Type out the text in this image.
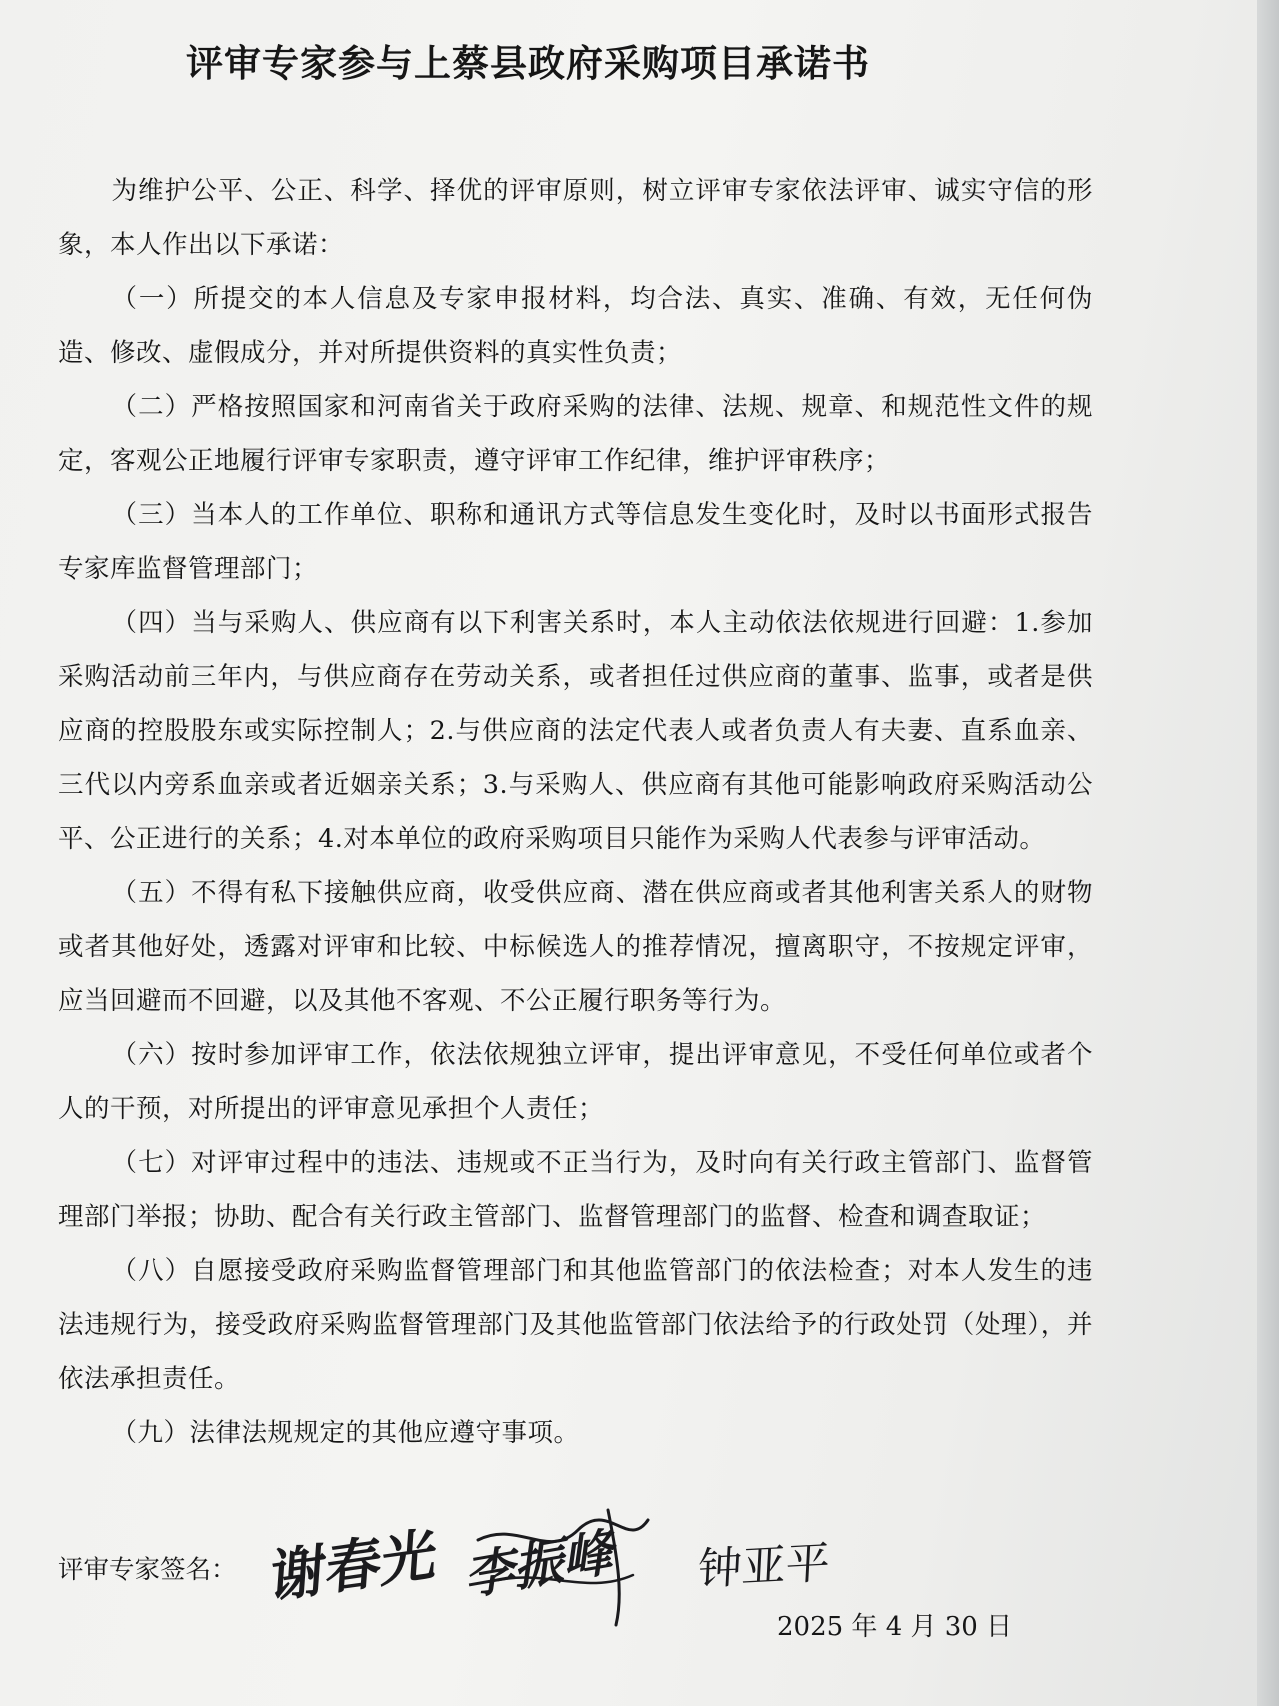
评审专家参与上蔡县政府采购项目承诺书

为维护公平、公正、科学、择优的评审原则，树立评审专家依法评审、诚实守信的形象，本人作出以下承诺：

（一）所提交的本人信息及专家申报材料，均合法、真实、准确、有效，无任何伪造、修改、虚假成分，并对所提供资料的真实性负责；

（二）严格按照国家和河南省关于政府采购的法律、法规、规章、和规范性文件的规定，客观公正地履行评审专家职责，遵守评审工作纪律，维护评审秩序；

（三）当本人的工作单位、职称和通讯方式等信息发生变化时，及时以书面形式报告专家库监督管理部门；

（四）当与采购人、供应商有以下利害关系时，本人主动依法依规进行回避：1.参加采购活动前三年内，与供应商存在劳动关系，或者担任过供应商的董事、监事，或者是供应商的控股股东或实际控制人；2.与供应商的法定代表人或者负责人有夫妻、直系血亲、三代以内旁系血亲或者近姻亲关系；3.与采购人、供应商有其他可能影响政府采购活动公平、公正进行的关系；4.对本单位的政府采购项目只能作为采购人代表参与评审活动。

（五）不得有私下接触供应商，收受供应商、潜在供应商或者其他利害关系人的财物或者其他好处，透露对评审和比较、中标候选人的推荐情况，擅离职守，不按规定评审，应当回避而不回避，以及其他不客观、不公正履行职务等行为。

（六）按时参加评审工作，依法依规独立评审，提出评审意见，不受任何单位或者个人的干预，对所提出的评审意见承担个人责任；

（七）对评审过程中的违法、违规或不正当行为，及时向有关行政主管部门、监督管理部门举报；协助、配合有关行政主管部门、监督管理部门的监督、检查和调查取证；

（八）自愿接受政府采购监督管理部门和其他监管部门的依法检查；对本人发生的违法违规行为，接受政府采购监督管理部门及其他监管部门依法给予的行政处罚（处理），并依法承担责任。

（九）法律法规规定的其他应遵守事项。

评审专家签名： 谢春光 李振峰 钟亚平
2025 年 4 月 30 日
